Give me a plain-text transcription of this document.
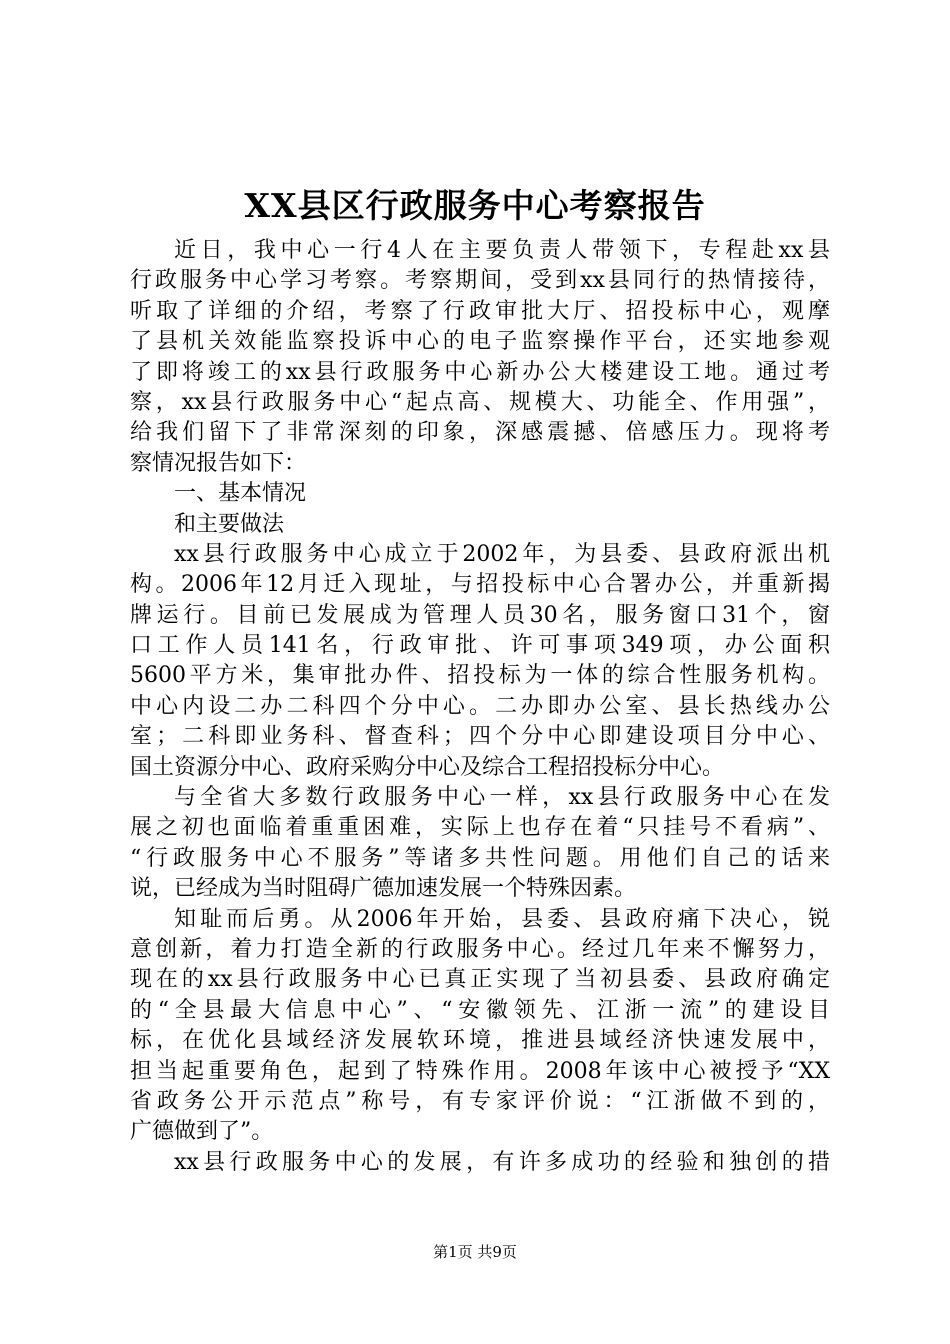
XX县区行政服务中心考察报告
近日，我中心一行4人在主要负责人带领下，专程赴xx县
行政服务中心学习考察。考察期间，受到xx县同行的热情接待，
听取了详细的介绍，考察了行政审批大厅、招投标中心，观摩
了县机关效能监察投诉中心的电子监察操作平台，还实地参观
了即将竣工的xx县行政服务中心新办公大楼建设工地。通过考
察，xx县行政服务中心“起点高、规模大、功能全、作用强”，
给我们留下了非常深刻的印象，深感震撼、倍感压力。现将考
察情况报告如下：
一、基本情况
和主要做法
xx县行政服务中心成立于2002年，为县委、县政府派出机
构。2006年12月迁入现址，与招投标中心合署办公，并重新揭
牌运行。目前已发展成为管理人员30名，服务窗口31个，窗
口工作人员141名，行政审批、许可事项349项，办公面积
5600平方米，集审批办件、招投标为一体的综合性服务机构。
中心内设二办二科四个分中心。二办即办公室、县长热线办公
室；二科即业务科、督查科；四个分中心即建设项目分中心、
国土资源分中心、政府采购分中心及综合工程招投标分中心。
与全省大多数行政服务中心一样，xx县行政服务中心在发
展之初也面临着重重困难，实际上也存在着“只挂号不看病”、
“行政服务中心不服务”等诸多共性问题。用他们自己的话来
说，已经成为当时阻碍广德加速发展一个特殊因素。
知耻而后勇。从2006年开始，县委、县政府痛下决心，锐
意创新，着力打造全新的行政服务中心。经过几年来不懈努力，
现在的xx县行政服务中心已真正实现了当初县委、县政府确定
的“全县最大信息中心”、“安徽领先、江浙一流”的建设目
标，在优化县域经济发展软环境，推进县域经济快速发展中，
担当起重要角色，起到了特殊作用。2008年该中心被授予“XX
省政务公开示范点”称号，有专家评价说：“江浙做不到的，
广德做到了”。
xx县行政服务中心的发展，有许多成功的经验和独创的措
第1页 共9页
